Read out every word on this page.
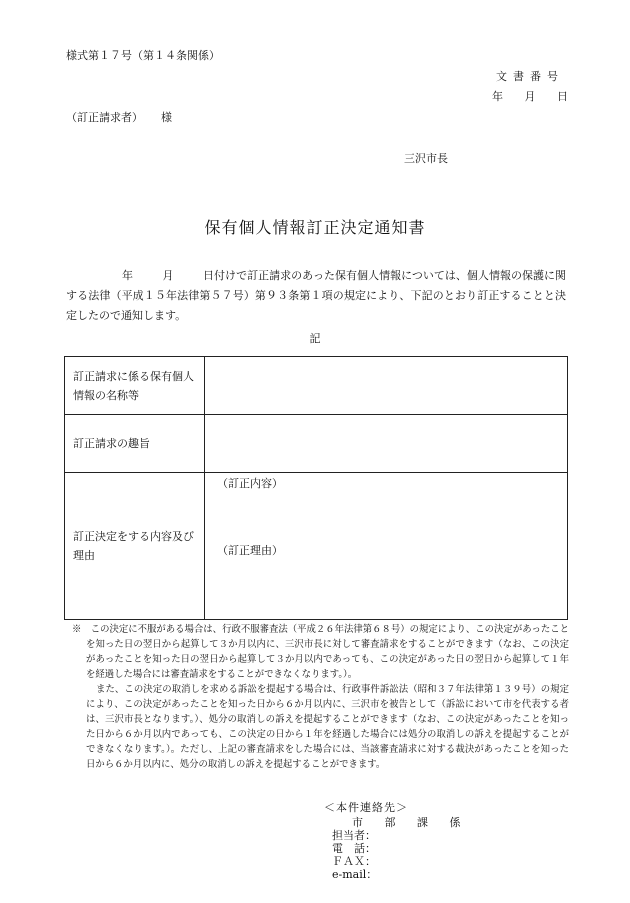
様式第１７号（第１４条関係）
文書番号
年 月 日
（訂正請求者） 様
三沢市長
保有個人情報訂正決定通知書
年 月 日付けで訂正請求のあった保有個人情報については、個人情報の保護に関する法律（平成１５年法律第５７号）第９３条第１項の規定により、下記のとおり訂正することと決定したので通知します。
記
訂正請求に係る保有個人情報の名称等	
訂正請求の趣旨	
訂正決定をする内容及び理由	（訂正内容）
（訂正理由）

※　この決定に不服がある場合は、行政不服審査法（平成２６年法律第６８号）の規定により、この決定があったことを知った日の翌日から起算して３か月以内に、三沢市長に対して審査請求をすることができます（なお、この決定があったことを知った日の翌日から起算して３か月以内であっても、この決定があった日の翌日から起算して１年を経過した場合には審査請求をすることができなくなります。）。

また、この決定の取消しを求める訴訟を提起する場合は、行政事件訴訟法（昭和３７年法律第１３９号）の規定により、この決定があったことを知った日から６か月以内に、三沢市を被告として（訴訟において市を代表する者は、三沢市長となります。）、処分の取消しの訴えを提起することができます（なお、この決定があったことを知った日から６か月以内であっても、この決定の日から１年を経過した場合には処分の取消しの訴えを提起することができなくなります。）。ただし、上記の審査請求をした場合には、当該審査請求に対する裁決があったことを知った日から６か月以内に、処分の取消しの訴えを提起することができます。

＜本件連絡先＞
市 部 課 係
担当者：
電　話：
ＦＡＸ：
e-mail：
